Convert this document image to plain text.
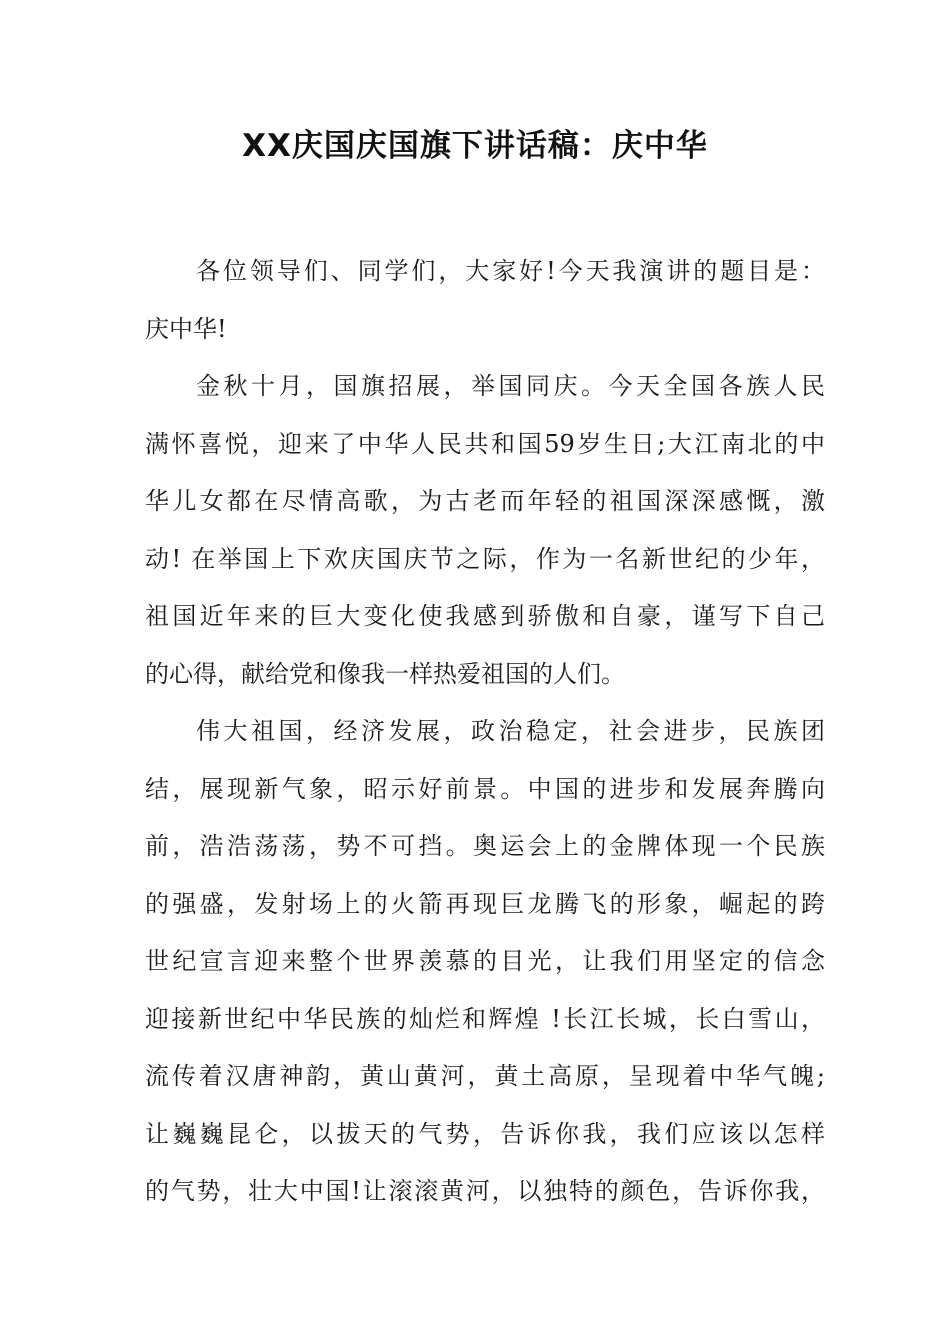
XX庆国庆国旗下讲话稿：庆中华
各位领导们、同学们，大家好!今天我演讲的题目是：
庆中华!
金秋十月，国旗招展，举国同庆。今天全国各族人民
满怀喜悦，迎来了中华人民共和国59岁生日;大江南北的中
华儿女都在尽情高歌，为古老而年轻的祖国深深感慨，激
动! 在举国上下欢庆国庆节之际，作为一名新世纪的少年，
祖国近年来的巨大变化使我感到骄傲和自豪，谨写下自己
的心得，献给党和像我一样热爱祖国的人们。
伟大祖国，经济发展，政治稳定，社会进步，民族团
结，展现新气象，昭示好前景。中国的进步和发展奔腾向
前，浩浩荡荡，势不可挡。奥运会上的金牌体现一个民族
的强盛，发射场上的火箭再现巨龙腾飞的形象，崛起的跨
世纪宣言迎来整个世界羡慕的目光，让我们用坚定的信念
迎接新世纪中华民族的灿烂和辉煌 !长江长城，长白雪山，
流传着汉唐神韵，黄山黄河，黄土高原，呈现着中华气魄;
让巍巍昆仑，以拔天的气势，告诉你我，我们应该以怎样
的气势，壮大中国!让滚滚黄河，以独特的颜色，告诉你我，
